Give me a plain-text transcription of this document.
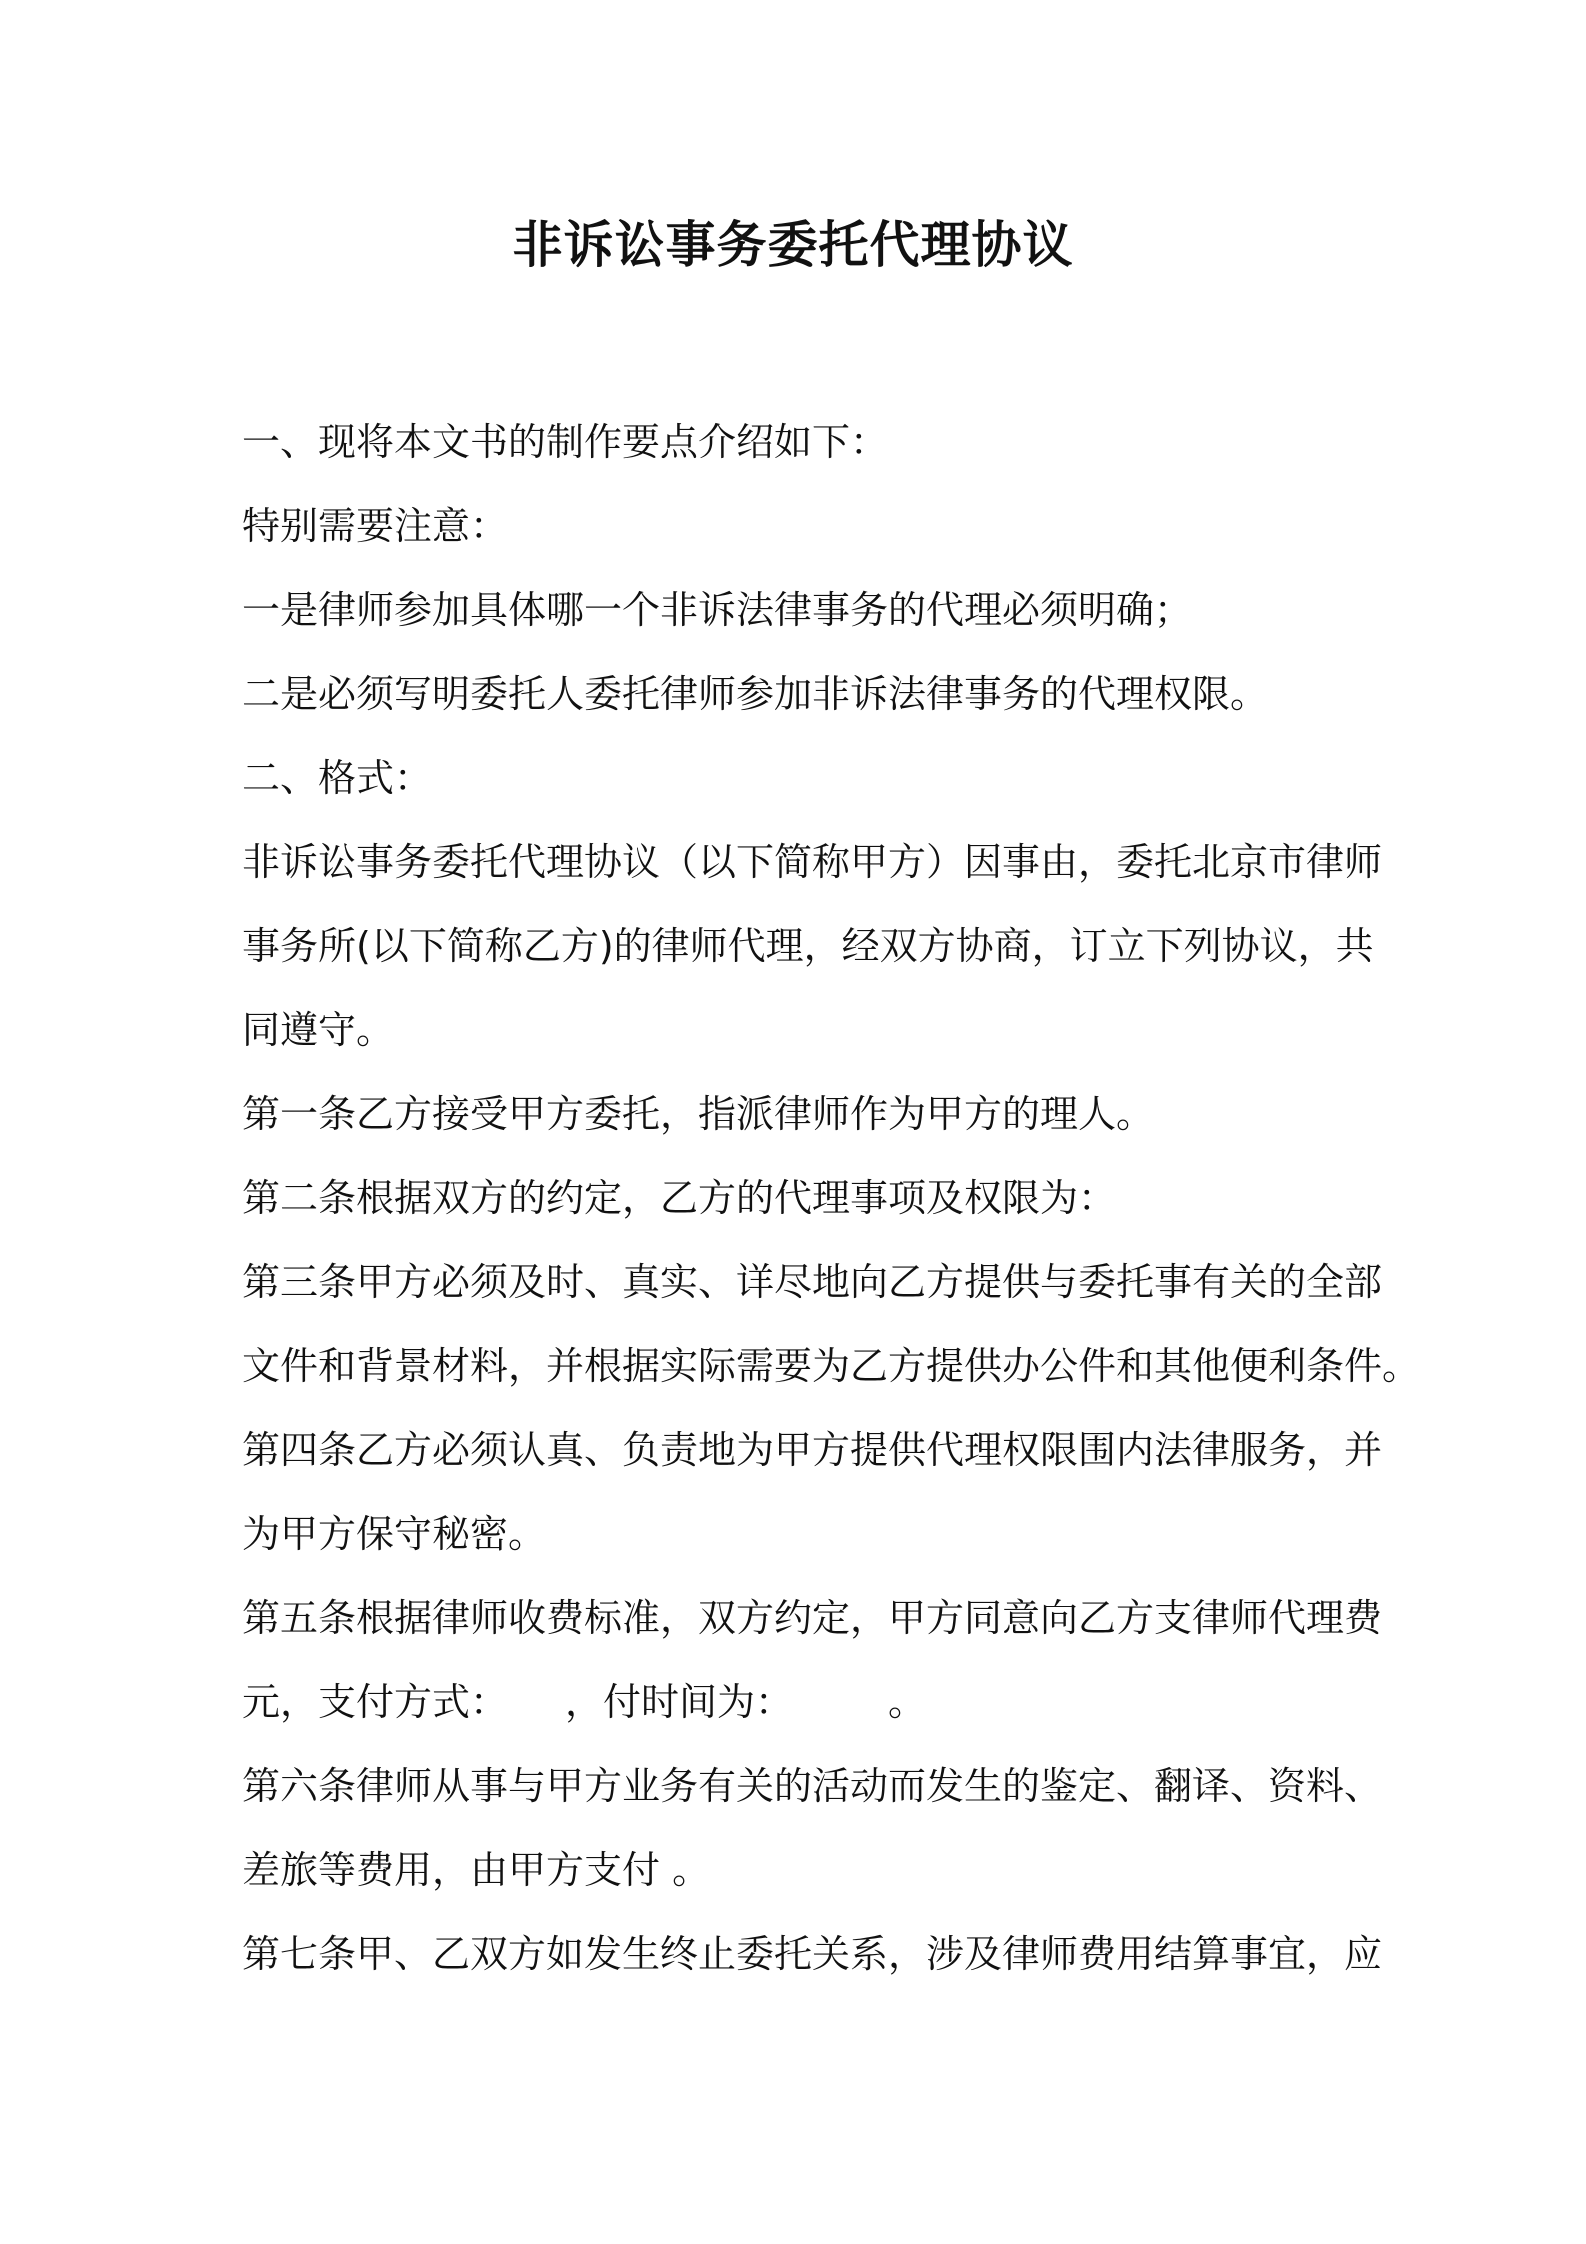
非诉讼事务委托代理协议
一、现将本文书的制作要点介绍如下：
特别需要注意：
一是律师参加具体哪一个非诉法律事务的代理必须明确；
二是必须写明委托人委托律师参加非诉法律事务的代理权限。
二、格式：
非诉讼事务委托代理协议（以下简称甲方）因事由，委托北京市律师
事务所(以下简称乙方)的律师代理，经双方协商，订立下列协议，共
同遵守。
第一条乙方接受甲方委托，指派律师作为甲方的理人。
第二条根据双方的约定，乙方的代理事项及权限为：
第三条甲方必须及时、真实、详尽地向乙方提供与委托事有关的全部
文件和背景材料，并根据实际需要为乙方提供办公件和其他便利条件。
第四条乙方必须认真、负责地为甲方提供代理权限围内法律服务，并
为甲方保守秘密。
第五条根据律师收费标准，双方约定，甲方同意向乙方支律师代理费
元，支付方式：　　，付时间为：　　　。
第六条律师从事与甲方业务有关的活动而发生的鉴定、翻译、资料、
差旅等费用，由甲方支付 。
第七条甲、乙双方如发生终止委托关系，涉及律师费用结算事宜，应
